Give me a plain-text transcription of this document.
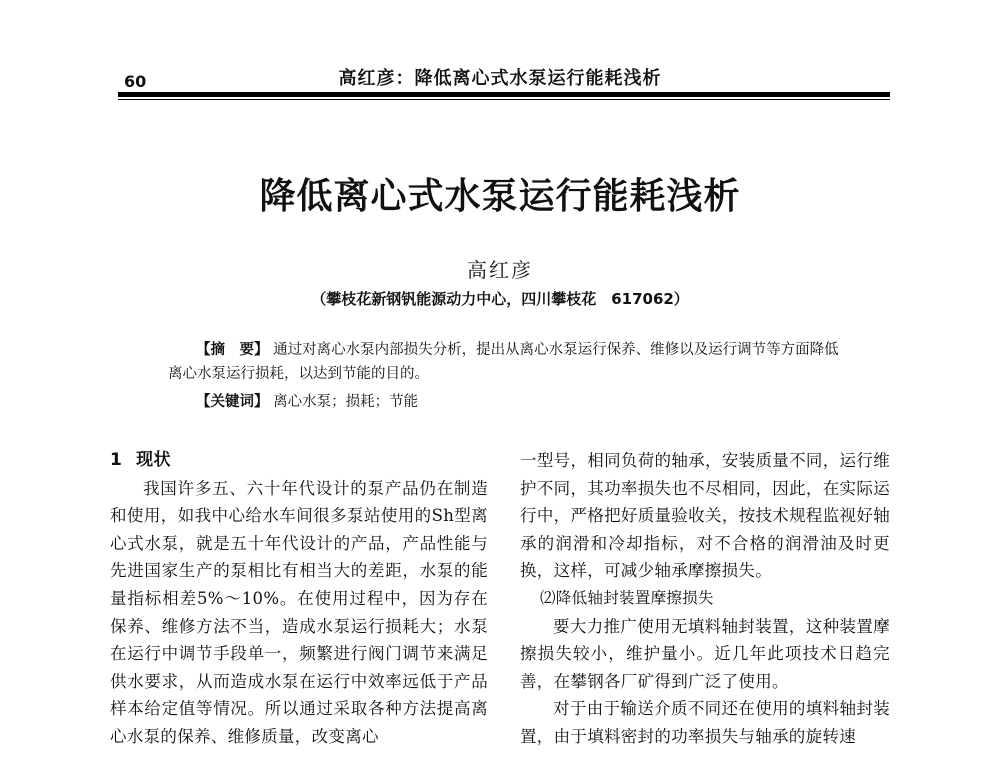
60	高红彦：降低离心式水泵运行能耗浅析
降低离心式水泵运行能耗浅析
高红彦
（攀枝花新钢钒能源动力中心，四川攀枝花　617062）

【摘　要】 通过对离心水泵内部损失分析，提出从离心水泵运行保养、维修以及运行调节等方面降低离心水泵运行损耗，以达到节能的目的。

【关键词】 离心水泵；损耗；节能
1 现状

我国许多五、六十年代设计的泵产品仍在制造和使用，如我中心给水车间很多泵站使用的Sh型离心式水泵，就是五十年代设计的产品，产品性能与先进国家生产的泵相比有相当大的差距，水泵的能量指标相差5%～10%。在使用过程中，因为存在保养、维修方法不当，造成水泵运行损耗大；水泵在运行中调节手段单一，频繁进行阀门调节来满足供水要求，从而造成水泵在运行中效率远低于产品样本给定值等情况。所以通过采取各种方法提高离心水泵的保养、维修质量，改变离心

一型号，相同负荷的轴承，安装质量不同，运行维护不同，其功率损失也不尽相同，因此，在实际运行中，严格把好质量验收关，按技术规程监视好轴承的润滑和冷却指标，对不合格的润滑油及时更换，这样，可减少轴承摩擦损失。

⑵降低轴封装置摩擦损失

要大力推广使用无填料轴封装置，这种装置摩擦损失较小，维护量小。近几年此项技术日趋完善，在攀钢各厂矿得到广泛了使用。

对于由于输送介质不同还在使用的填料轴封装置，由于填料密封的功率损失与轴承的旋转速
